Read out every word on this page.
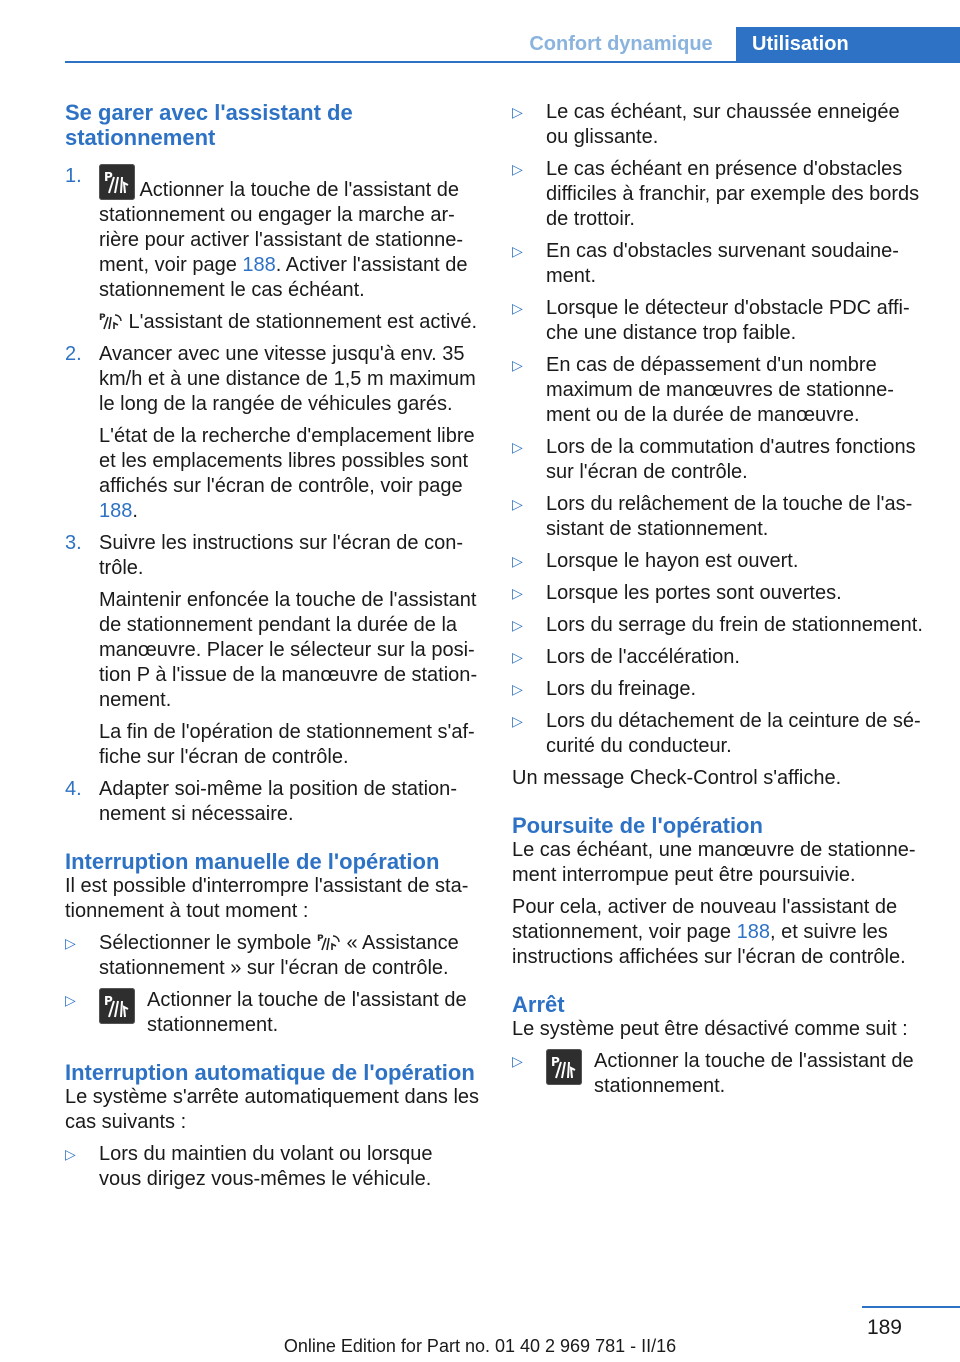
Confort dynamique	Utilisation
Se garer avec l'assistant de stationnement
1.	P
Actionner la touche de l'assistant de stationnement ou engager la marche arrière pour activer l'assistant de stationnement, voir page 188. Activer l'assistant de stationnement le cas échéant.

P L'assistant de stationnement est activé.

2. Avancer avec une vitesse jusqu'à env. 35 km/h et à une distance de 1,5 m maximum le long de la rangée de véhicules garés.

L'état de la recherche d'emplacement libre et les emplacements libres possibles sont affichés sur l'écran de contrôle, voir page 188.

3. Suivre les instructions sur l'écran de contrôle.

Maintenir enfoncée la touche de l'assistant de stationnement pendant la durée de la manœuvre. Placer le sélecteur sur la position P à l'issue de la manœuvre de stationnement.

La fin de l'opération de stationnement s'affiche sur l'écran de contrôle.

4. Adapter soi-même la position de stationnement si nécessaire.

Interruption manuelle de l'opération

Il est possible d'interrompre l'assistant de stationnement à tout moment :

▷	Sélectionner le symbole P « Assistance stationnement » sur l'écran de contrôle.
▷	P Actionner la touche de l'assistant de stationnement.
Interruption automatique de l'opération

Le système s'arrête automatiquement dans les cas suivants :

▷	Lors du maintien du volant ou lorsque vous dirigez vous-mêmes le véhicule.
▷	Le cas échéant, sur chaussée enneigée ou glissante.
▷	Le cas échéant en présence d'obstacles difficiles à franchir, par exemple des bords de trottoir.
▷	En cas d'obstacles survenant soudainement.
▷	Lorsque le détecteur d'obstacle PDC affiche une distance trop faible.
▷	En cas de dépassement d'un nombre maximum de manœuvres de stationnement ou de la durée de manœuvre.
▷	Lors de la commutation d'autres fonctions sur l'écran de contrôle.
▷	Lors du relâchement de la touche de l'assistant de stationnement.
▷	Lorsque le hayon est ouvert.
▷	Lorsque les portes sont ouvertes.
▷	Lors du serrage du frein de stationnement.
▷	Lors de l'accélération.
▷	Lors du freinage.
▷	Lors du détachement de la ceinture de sécurité du conducteur.

Un message Check-Control s'affiche.

Poursuite de l'opération

Le cas échéant, une manœuvre de stationnement interrompue peut être poursuivie.

Pour cela, activer de nouveau l'assistant de stationnement, voir page 188, et suivre les instructions affichées sur l'écran de contrôle.

Arrêt

Le système peut être désactivé comme suit :

▷	P Actionner la touche de l'assistant de stationnement.
189
Online Edition for Part no. 01 40 2 969 781 - II/16
